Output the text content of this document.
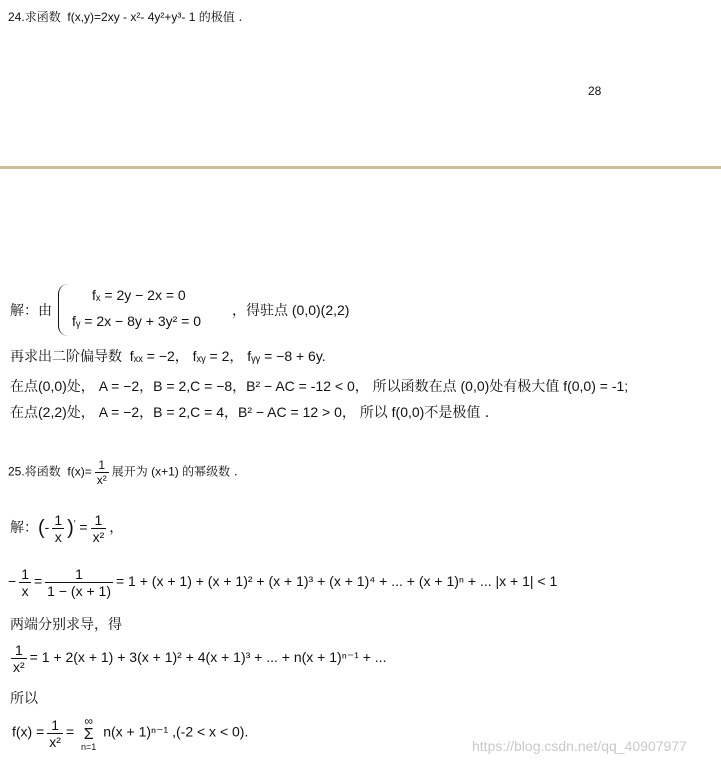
24.求函数 f(x,y)=2xy - x²- 4y²+y³- 1 的极值 .
28
解：由
fₓ = 2y − 2x = 0
fᵧ = 2x − 8y + 3y² = 0
，得驻点 (0,0)(2,2)
再求出二阶偏导数 fₓₓ = −2， fₓᵧ = 2， fᵧᵧ = −8 + 6y.
在点(0,0)处， A = −2，B = 2,C = −8，B² − AC = -12 < 0， 所以函数在点 (0,0)处有极大值 f(0,0) = -1;
在点(2,2)处， A = −2，B = 2,C = 4，B² − AC = 12 > 0， 所以 f(0,0)不是极值 .
25.将函数 $f(x)= \frac{1}{\text{x²}}$ 展开为 (x+1) 的幂级数 .
解：(- $\frac{1}{x} )' = \frac{1}{\text{x²}}$ ，
− $\frac{1}{x} = \frac{1}{1 - (x + 1)} = 1 + (x + 1) + (x + 1)^2 + (x + 1)^3 + (x + 1)^4$ + ... + (x + 1)ⁿ + ... |x + 1| < 1
两端分别求导，得
$\frac{1}{\text{x²}} = 1 + 2(x + 1) + 3(x + 1)^2 + 4(x + 1)^3$ + ... + n(x + 1)ⁿ⁻¹ + ...
所以
$f(x) = \frac{1}{\text{x²}}$ =
∞
Σ
n=1
n(x + 1)ⁿ⁻¹ ,(-2 < x < 0).
https://blog.csdn.net/qq_40907977
